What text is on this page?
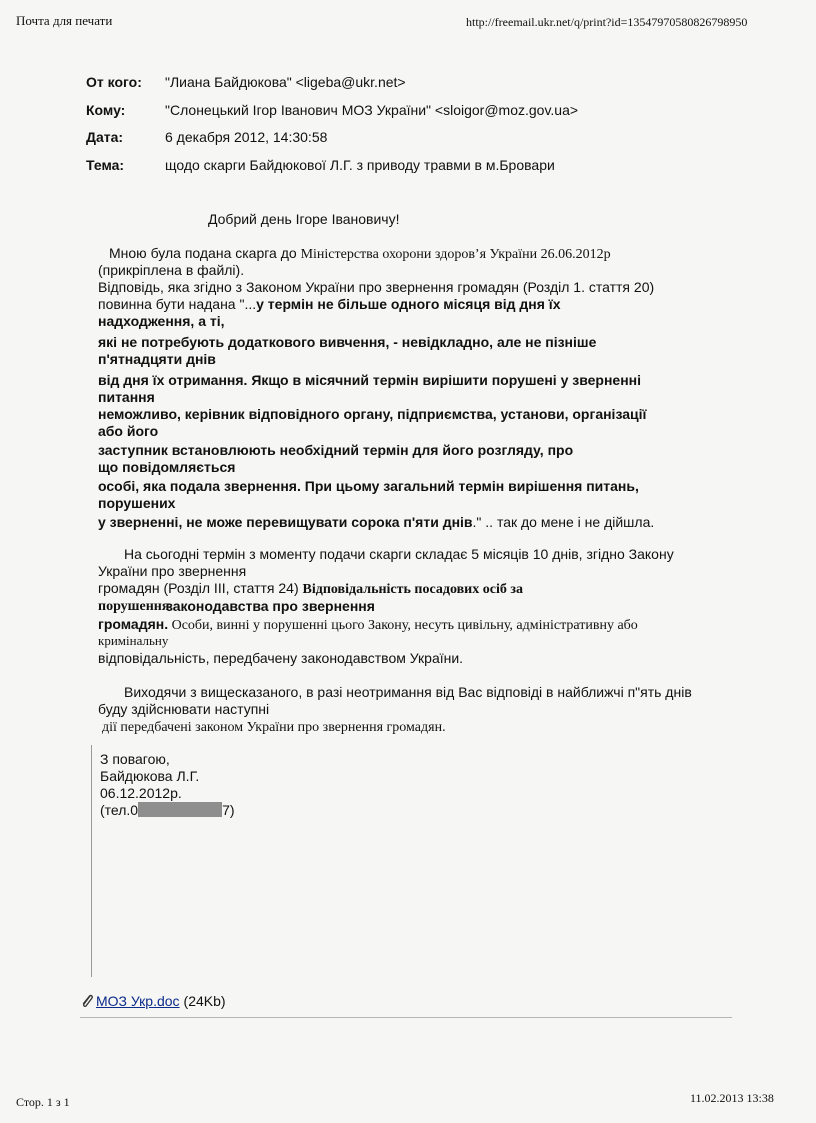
Почта для печати	http://freemail.ukr.net/q/print?id=13547970580826798950
От кого: "Лиана Байдюкова" <ligeba@ukr.net>
Кому:	"Слонецький Ігор Іванович МОЗ України" <sloigor@moz.gov.ua>
Дата:	6 декабря 2012, 14:30:58
Тема:	щодо скарги Байдюкової Л.Г. з приводу травми в м.Бровари
Добрий день Ігоре Івановичу!
Мною була подана скарга до Міністерства охорони здоров’я України 26.06.2012р
(прикріплена в файлі).
Відповідь, яка згідно з Законом України про звернення громадян (Розділ 1. стаття 20)
повинна бути надана "...у термін не більше одного місяця від дня їх
надходження, а ті,
які не потребують додаткового вивчення, - невідкладно, але не пізніше
п'ятнадцяти днів
від дня їх отримання. Якщо в місячний термін вирішити порушені у зверненні
питання
неможливо, керівник відповідного органу, підприємства, установи, організації
або його
заступник встановлюють необхідний термін для його розгляду, про
що повідомляється
особі, яка подала звернення. При цьому загальний термін вирішення питань,
порушених
у зверненні, не може перевищувати сорока п'яти днів." .. так до мене і не дійшла.
На сьогодні термін з моменту подачи скарги складає 5 місяців 10 днів, згідно Закону
України про звернення
громадян (Розділ ІІІ, стаття 24) Відповідальність посадових осіб за
порушення
законодавства про звернення
громадян. Особи, винні у порушенні цього Закону, несуть цивільну, адміністративну або
кримінальну
відповідальність, передбачену законодавством України.
Виходячи з вищесказаного, в разі неотримання від Вас відповіді в найближчі п"ять днів
буду здійснювати наступні
дії передбачені законом України про звернення громадян.
З повагою,
Байдюкова Л.Г.
06.12.2012р.
(тел.0	7)
МОЗ Укр.doc (24Kb)
Стор. 1 з 1	11.02.2013 13:38
